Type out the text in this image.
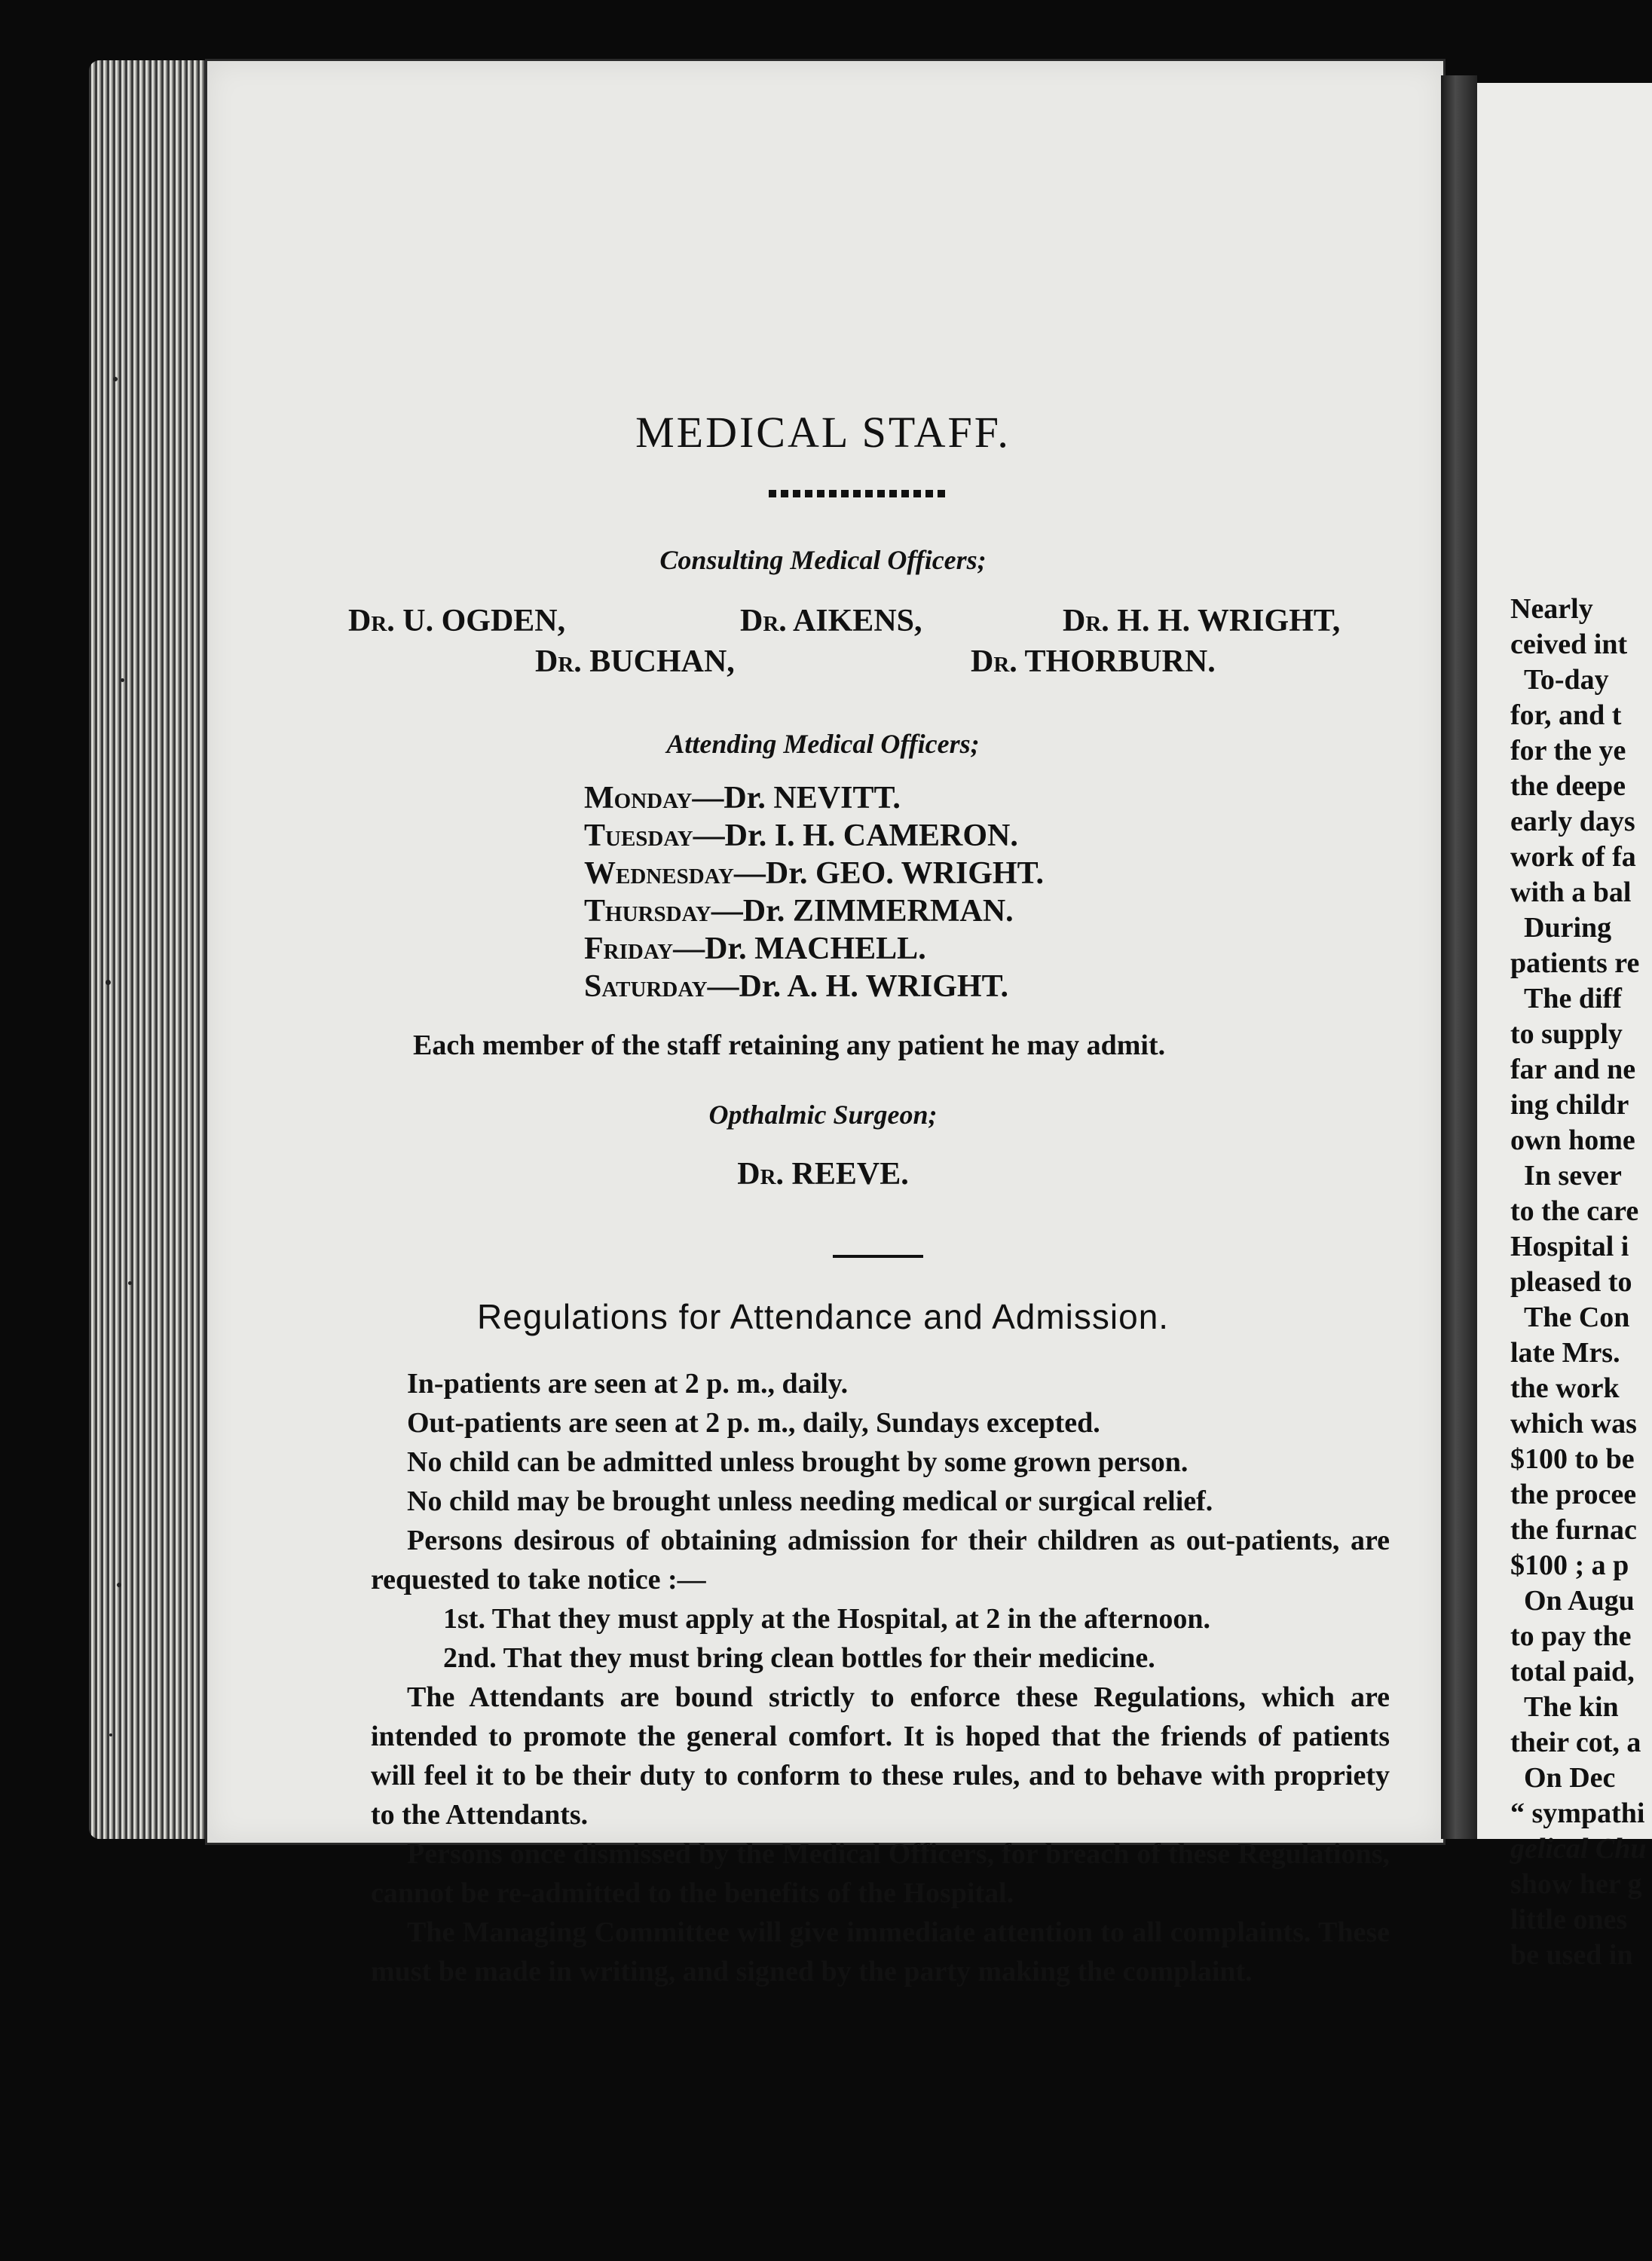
Nearly
ceived int
To-day
for, and t
for the ye
the deepe
early days
work of fa
with a bal
During
patients re
The diff
to supply
far and ne
ing childr
own home
In sever
to the care
Hospital i
pleased to
The Con
late Mrs.
the work
which was
$100 to be
the procee
the furnac
$100 ; a p
On Augu
to pay the
total paid,
The kin
their cot, a
On Dec
“ sympathi
gelical Chu
show her g
little ones
be used in
MEDICAL STAFF.
Consulting Medical Officers;
Dr. U. OGDEN,	Dr. AIKENS,	Dr. H. H. WRIGHT,
Dr. BUCHAN,	Dr. THORBURN.
Attending Medical Officers;
Monday—Dr. NEVITT.
Tuesday—Dr. I. H. CAMERON.
Wednesday—Dr. GEO. WRIGHT.
Thursday—Dr. ZIMMERMAN.
Friday—Dr. MACHELL.
Saturday—Dr. A. H. WRIGHT.
Each member of the staff retaining any patient he may admit.
Opthalmic Surgeon;
Dr. REEVE.
Regulations for Attendance and Admission.
In-patients are seen at 2 p. m., daily.
Out-patients are seen at 2 p. m., daily, Sundays excepted.
No child can be admitted unless brought by some grown person.
No child may be brought unless needing medical or surgical relief.
Persons desirous of obtaining admission for their children as out-patients, are requested to take notice :—
1st. That they must apply at the Hospital, at 2 in the afternoon.
2nd. That they must bring clean bottles for their medicine.
The Attendants are bound strictly to enforce these Regulations, which are intended to promote the general comfort. It is hoped that the friends of patients will feel it to be their duty to conform to these rules, and to behave with propriety to the Attendants.
Persons once dismissed by the Medical Officers, for breach of these Regulations, cannot be re-admitted to the benefits of the Hospital.
The Managing Committee will give immediate attention to all complaints. These must be made in writing, and signed by the party making the complaint.
